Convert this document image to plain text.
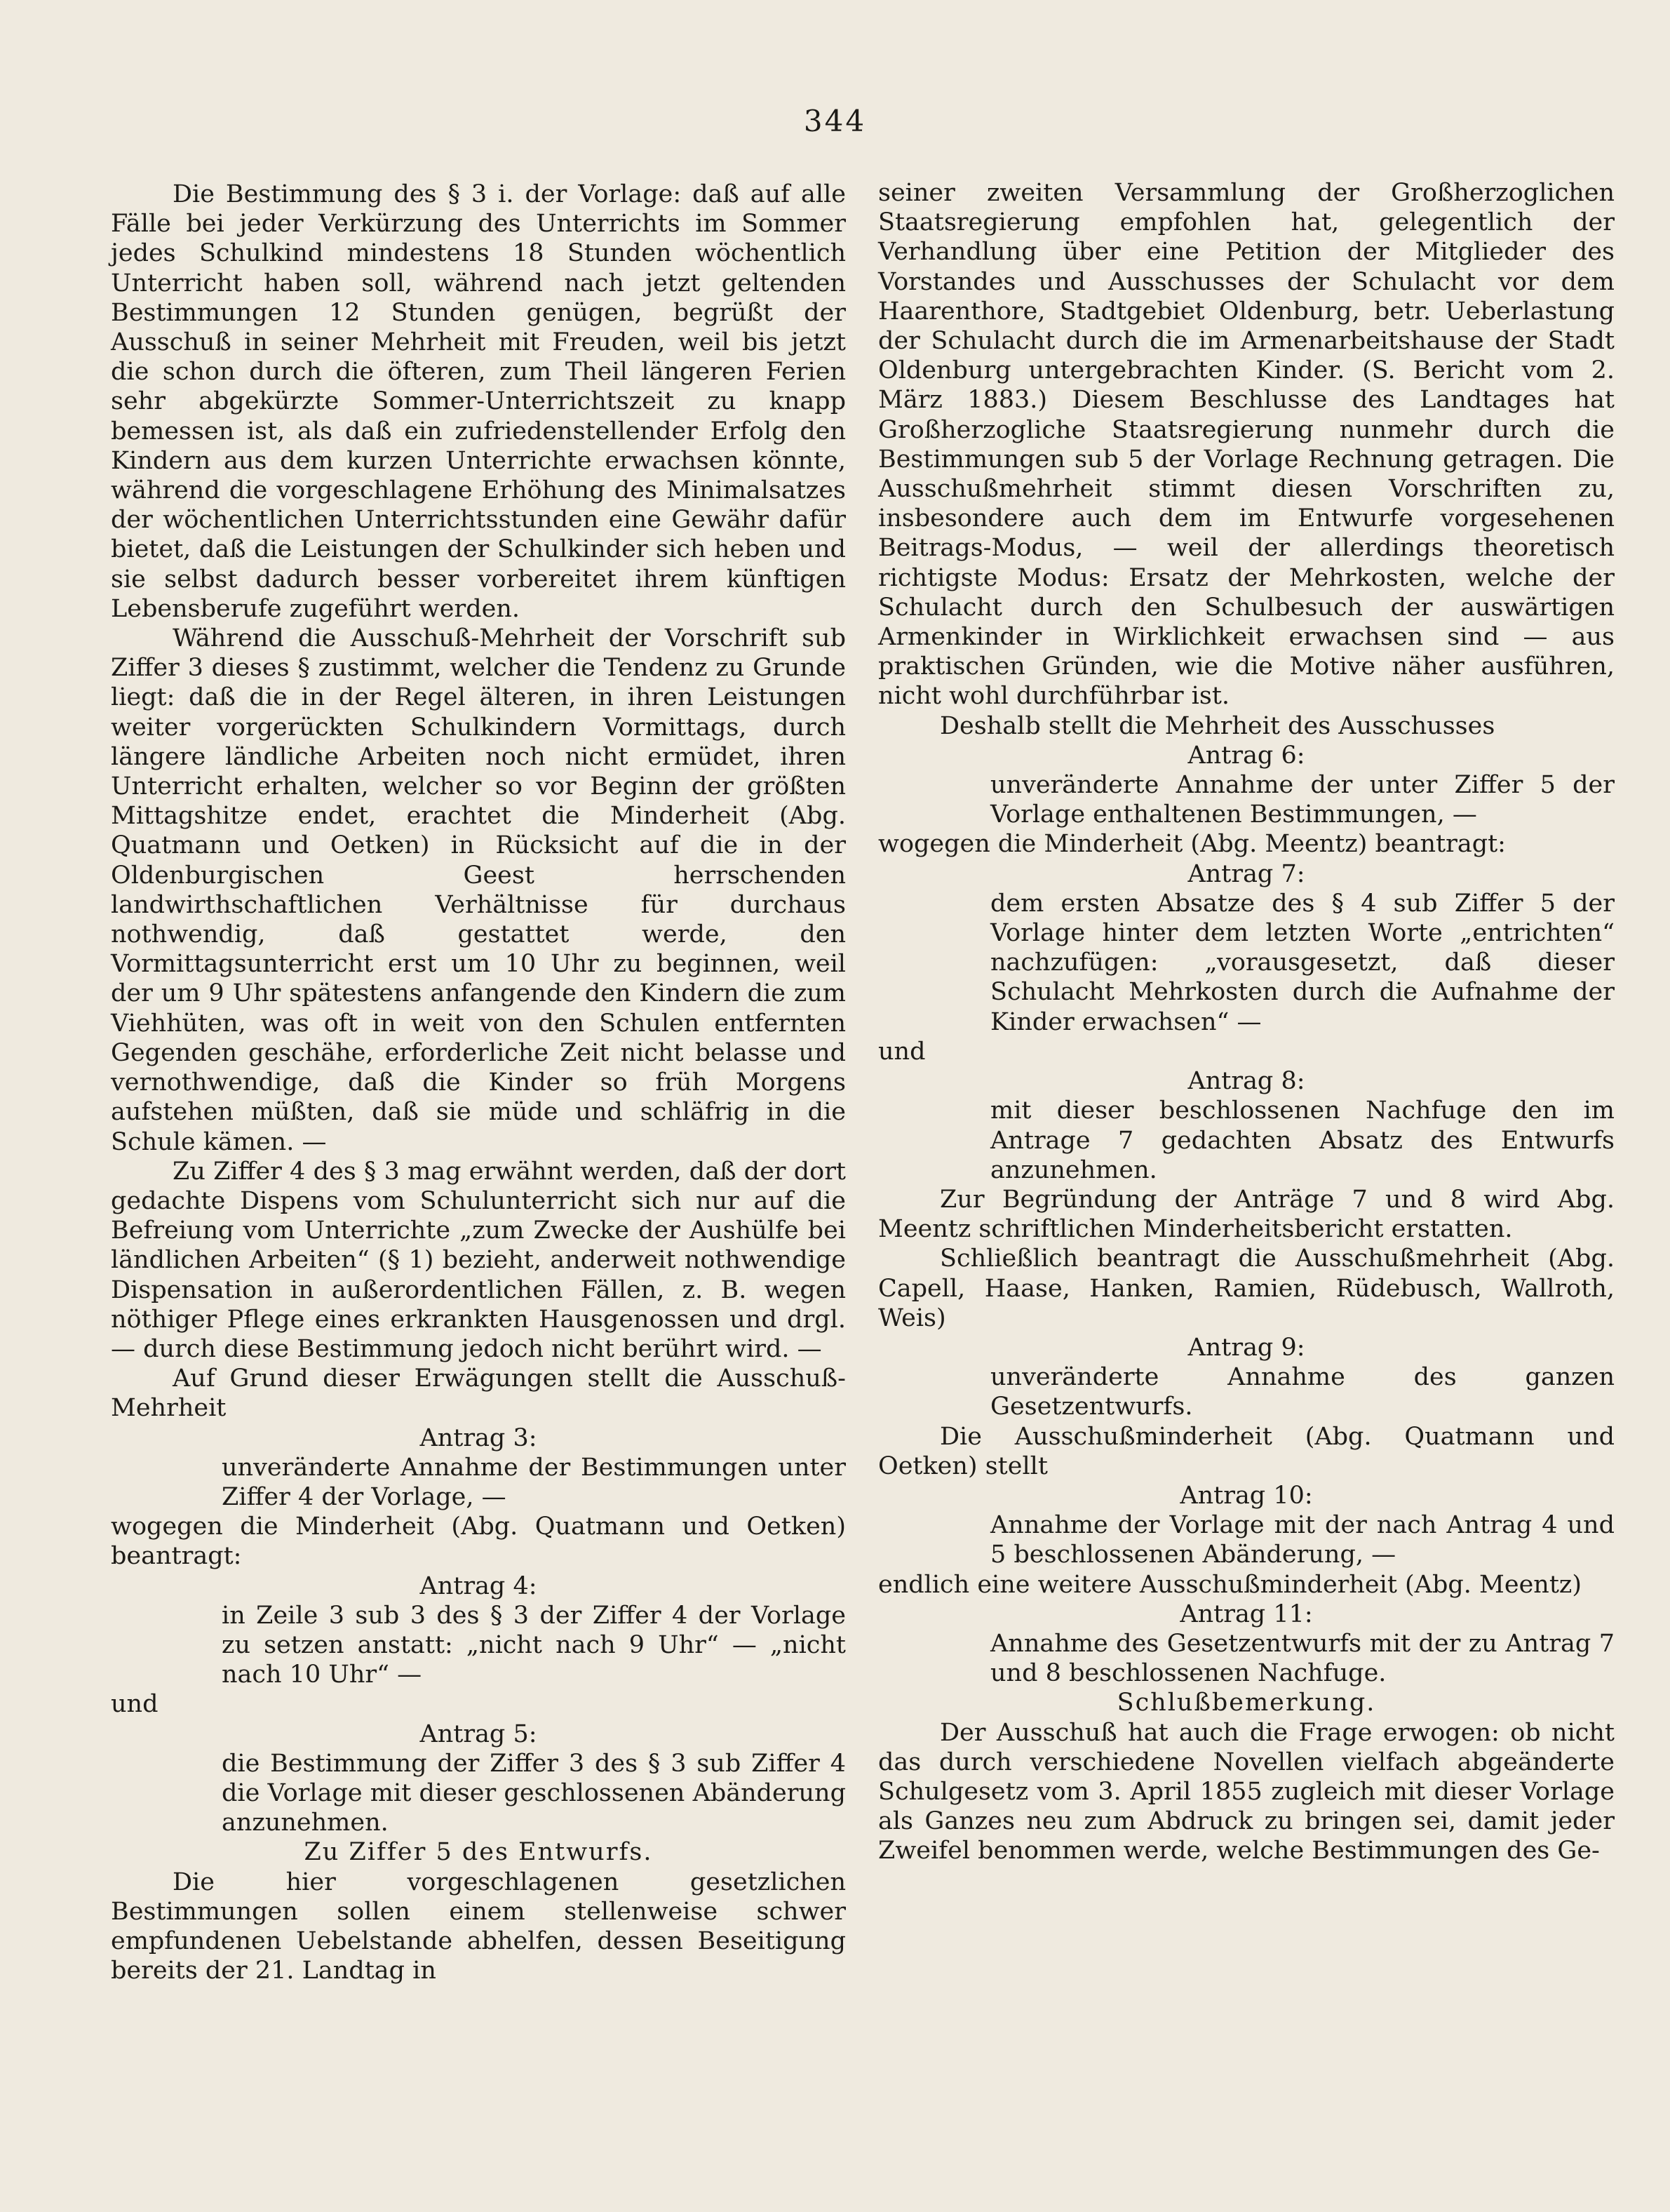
344

Die Bestimmung des § 3 i. der Vorlage: daß auf alle Fälle bei jeder Verkürzung des Unterrichts im Sommer jedes Schulkind mindestens 18 Stunden wöchentlich Unterricht haben soll, während nach jetzt geltenden Bestimmungen 12 Stunden genügen, begrüßt der Ausschuß in seiner Mehrheit mit Freuden, weil bis jetzt die schon durch die öfteren, zum Theil längeren Ferien sehr abgekürzte Sommer-Unterrichtszeit zu knapp bemessen ist, als daß ein zufriedenstellender Erfolg den Kindern aus dem kurzen Unterrichte erwachsen könnte, während die vorgeschlagene Erhöhung des Minimalsatzes der wöchentlichen Unterrichtsstunden eine Gewähr dafür bietet, daß die Leistungen der Schulkinder sich heben und sie selbst dadurch besser vorbereitet ihrem künftigen Lebensberufe zugeführt werden.

Während die Ausschuß-Mehrheit der Vorschrift sub Ziffer 3 dieses § zustimmt, welcher die Tendenz zu Grunde liegt: daß die in der Regel älteren, in ihren Leistungen weiter vorgerückten Schulkindern Vormittags, durch längere ländliche Arbeiten noch nicht ermüdet, ihren Unterricht erhalten, welcher so vor Beginn der größten Mittagshitze endet, erachtet die Minderheit (Abg. Quatmann und Oetken) in Rücksicht auf die in der Oldenburgischen Geest herrschenden landwirthschaftlichen Verhältnisse für durchaus nothwendig, daß gestattet werde, den Vormittagsunterricht erst um 10 Uhr zu beginnen, weil der um 9 Uhr spätestens anfangende den Kindern die zum Viehhüten, was oft in weit von den Schulen entfernten Gegenden geschähe, erforderliche Zeit nicht belasse und vernothwendige, daß die Kinder so früh Morgens aufstehen müßten, daß sie müde und schläfrig in die Schule kämen. —

Zu Ziffer 4 des § 3 mag erwähnt werden, daß der dort gedachte Dispens vom Schulunterricht sich nur auf die Befreiung vom Unterrichte „zum Zwecke der Aushülfe bei ländlichen Arbeiten“ (§ 1) bezieht, anderweit nothwendige Dispensation in außerordentlichen Fällen, z. B. wegen nöthiger Pflege eines erkrankten Hausgenossen und drgl. — durch diese Bestimmung jedoch nicht berührt wird. —

Auf Grund dieser Erwägungen stellt die Ausschuß-Mehrheit

Antrag 3:

unveränderte Annahme der Bestimmungen unter Ziffer 4 der Vorlage, —

wogegen die Minderheit (Abg. Quatmann und Oetken) beantragt:

Antrag 4:

in Zeile 3 sub 3 des § 3 der Ziffer 4 der Vorlage zu setzen anstatt: „nicht nach 9 Uhr“ — „nicht nach 10 Uhr“ —

und

Antrag 5:

die Bestimmung der Ziffer 3 des § 3 sub Ziffer 4 die Vorlage mit dieser geschlossenen Abänderung anzunehmen.

Zu Ziffer 5 des Entwurfs.

Die hier vorgeschlagenen gesetzlichen Bestimmungen sollen einem stellenweise schwer empfundenen Uebelstande abhelfen, dessen Beseitigung bereits der 21. Landtag in

seiner zweiten Versammlung der Großherzoglichen Staatsregierung empfohlen hat, gelegentlich der Verhandlung über eine Petition der Mitglieder des Vorstandes und Ausschusses der Schulacht vor dem Haarenthore, Stadtgebiet Oldenburg, betr. Ueberlastung der Schulacht durch die im Armenarbeitshause der Stadt Oldenburg untergebrachten Kinder. (S. Bericht vom 2. März 1883.) Diesem Beschlusse des Landtages hat Großherzogliche Staatsregierung nunmehr durch die Bestimmungen sub 5 der Vorlage Rechnung getragen. Die Ausschußmehrheit stimmt diesen Vorschriften zu, insbesondere auch dem im Entwurfe vorgesehenen Beitrags-Modus, — weil der allerdings theoretisch richtigste Modus: Ersatz der Mehrkosten, welche der Schulacht durch den Schulbesuch der auswärtigen Armenkinder in Wirklichkeit erwachsen sind — aus praktischen Gründen, wie die Motive näher ausführen, nicht wohl durchführbar ist.

Deshalb stellt die Mehrheit des Ausschusses

Antrag 6:

unveränderte Annahme der unter Ziffer 5 der Vorlage enthaltenen Bestimmungen, —

wogegen die Minderheit (Abg. Meentz) beantragt:

Antrag 7:

dem ersten Absatze des § 4 sub Ziffer 5 der Vorlage hinter dem letzten Worte „entrichten“ nachzufügen: „vorausgesetzt, daß dieser Schulacht Mehrkosten durch die Aufnahme der Kinder erwachsen“ —

und

Antrag 8:

mit dieser beschlossenen Nachfuge den im Antrage 7 gedachten Absatz des Entwurfs anzunehmen.

Zur Begründung der Anträge 7 und 8 wird Abg. Meentz schriftlichen Minderheitsbericht erstatten.

Schließlich beantragt die Ausschußmehrheit (Abg. Capell, Haase, Hanken, Ramien, Rüdebusch, Wallroth, Weis)

Antrag 9:

unveränderte Annahme des ganzen Gesetzentwurfs.

Die Ausschußminderheit (Abg. Quatmann und Oetken) stellt

Antrag 10:

Annahme der Vorlage mit der nach Antrag 4 und 5 beschlossenen Abänderung, —

endlich eine weitere Ausschußminderheit (Abg. Meentz)

Antrag 11:

Annahme des Gesetzentwurfs mit der zu Antrag 7 und 8 beschlossenen Nachfuge.

Schlußbemerkung.

Der Ausschuß hat auch die Frage erwogen: ob nicht das durch verschiedene Novellen vielfach abgeänderte Schulgesetz vom 3. April 1855 zugleich mit dieser Vorlage als Ganzes neu zum Abdruck zu bringen sei, damit jeder Zweifel benommen werde, welche Bestimmungen des Ge-
